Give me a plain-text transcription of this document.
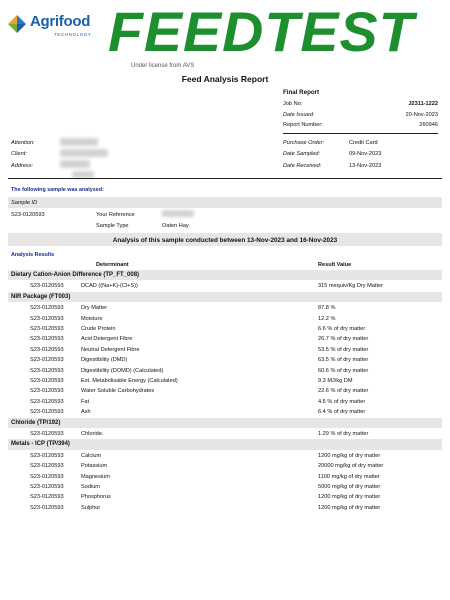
Agrifood
TECHNOLOGY FEEDTEST
Under license from AVS
Feed Analysis Report
Final Report
Job No:	J2311-1222
Date Issued:	20-Nov-2023
Report Number:	260946
Attention:
Client:
Address:
Purchase Order:	Credit Card
Date Sampled:	09-Nov-2023
Date Received:	13-Nov-2023
The following sample was analysed:
Sample ID
S23-0120593	Your Reference
Sample Type	Oaten Hay
Analysis of this sample conducted between 13-Nov-2023 and 16-Nov-2023
Analysis Results
Determinant	Result Value
Dietary Cation-Anion Difference (TP_FT_008)
S23-0120593	DCAD ((Na+K)-(Cl+S))	315 mequiv/Kg Dry Matter
NIR Package (FT003)
S23-0120593	Dry Matter	87.8 %
S23-0120593	Moisture	12.2 %
S23-0120593	Crude Protein	6.6 % of dry matter
S23-0120593	Acid Detergent Fibre	26.7 % of dry matter
S23-0120593	Neutral Detergent Fibre	53.5 % of dry matter
S23-0120593	Digestibility (DMD)	63.5 % of dry matter
S23-0120593	Digestibility (DOMD) (Calculated)	60.6 % of dry matter
S23-0120593	Est. Metabolisable Energy (Calculated)	9.3 MJ/kg DM
S23-0120593	Water Soluble Carbohydrates	22.6 % of dry matter
S23-0120593	Fat	4.5 % of dry matter
S23-0120593	Ash	6.4 % of dry matter
Chloride (TP/192)
S23-0120593	Chloride.	1.29 % of dry matter
Metals - ICP (TP/394)
S23-0120593	Calcium	1200 mg/kg of dry matter
S23-0120593	Potassium	20000 mg/kg of dry matter
S23-0120593	Magnesium	1100 mg/kg of dry matter
S23-0120593	Sodium	5000 mg/kg of dry matter
S23-0120593	Phosphorus	1200 mg/kg of dry matter
S23-0120593	Sulphur	1200 mg/kg of dry matter
